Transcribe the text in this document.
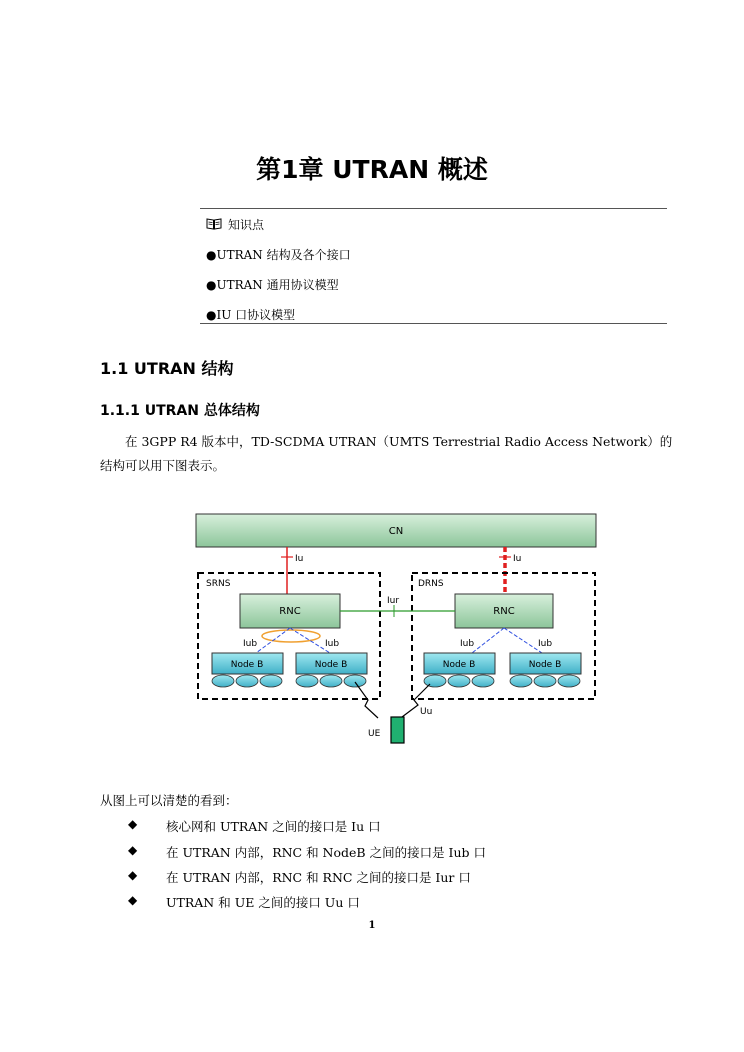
第1章 UTRAN 概述
知识点
●UTRAN 结构及各个接口
●UTRAN 通用协议模型
●IU 口协议模型
1.1 UTRAN 结构
1.1.1 UTRAN 总体结构
在 3GPP R4 版本中，TD-SCDMA UTRAN（UMTS Terrestrial Radio Access Network）的结构可以用下图表示。
CN
Iu	Iu
SRNS	DRNS
RNC	RNC
Iur
Iub	Iub	Iub	Iub
Node B	Node B	Node B	Node B
Uu
UE
从图上可以清楚的看到：
◆	核心网和 UTRAN 之间的接口是 Iu 口
◆	在 UTRAN 内部，RNC 和 NodeB 之间的接口是 Iub 口
◆	在 UTRAN 内部，RNC 和 RNC 之间的接口是 Iur 口
◆	UTRAN 和 UE 之间的接口 Uu 口
1
